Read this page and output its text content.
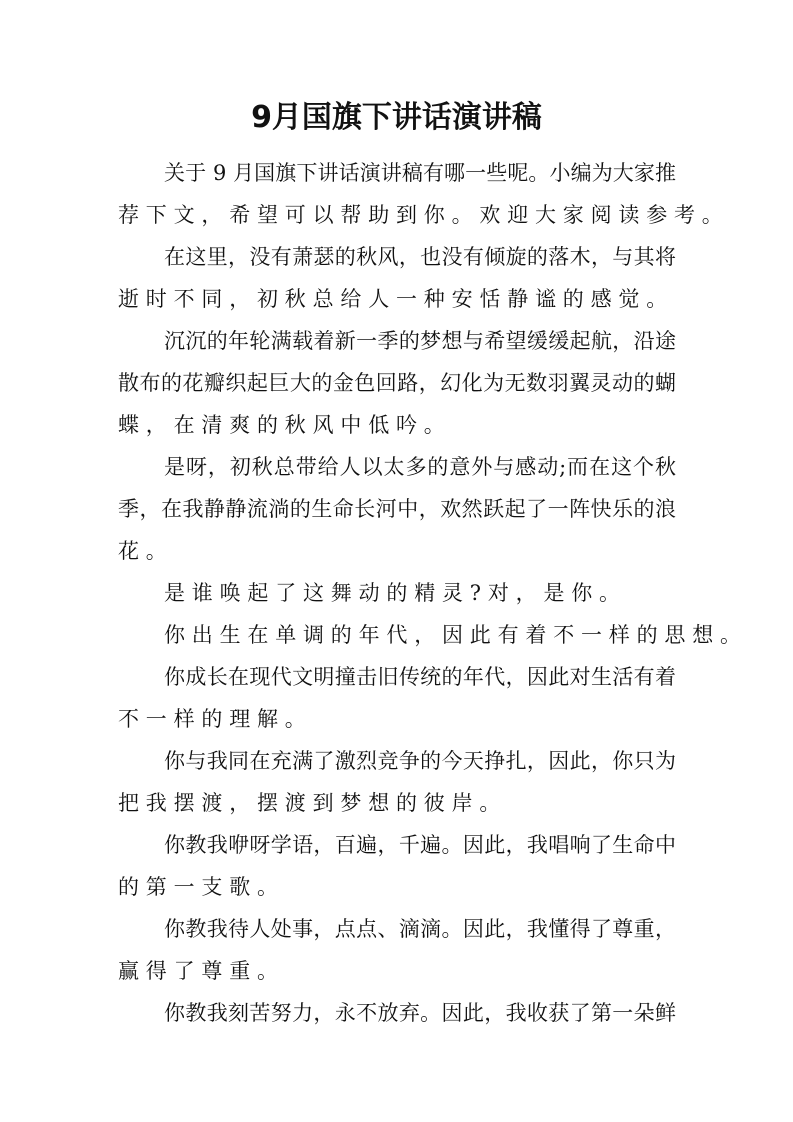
9月国旗下讲话演讲稿
关于 9 月国旗下讲话演讲稿有哪一些呢。小编为大家推
荐下文，希望可以帮助到你。欢迎大家阅读参考。
在这里，没有萧瑟的秋风，也没有倾旋的落木，与其将
逝时不同，初秋总给人一种安恬静谧的感觉。
沉沉的年轮满载着新一季的梦想与希望缓缓起航，沿途
散布的花瓣织起巨大的金色回路，幻化为无数羽翼灵动的蝴
蝶，在清爽的秋风中低吟。
是呀，初秋总带给人以太多的意外与感动;而在这个秋
季，在我静静流淌的生命长河中，欢然跃起了一阵快乐的浪
花。
是谁唤起了这舞动的精灵?对，是你。
你出生在单调的年代，因此有着不一样的思想。
你成长在现代文明撞击旧传统的年代，因此对生活有着
不一样的理解。
你与我同在充满了激烈竞争的今天挣扎，因此，你只为
把我摆渡，摆渡到梦想的彼岸。
你教我咿呀学语，百遍，千遍。因此，我唱响了生命中
的第一支歌。
你教我待人处事，点点、滴滴。因此，我懂得了尊重，
赢得了尊重。
你教我刻苦努力，永不放弃。因此，我收获了第一朵鲜
